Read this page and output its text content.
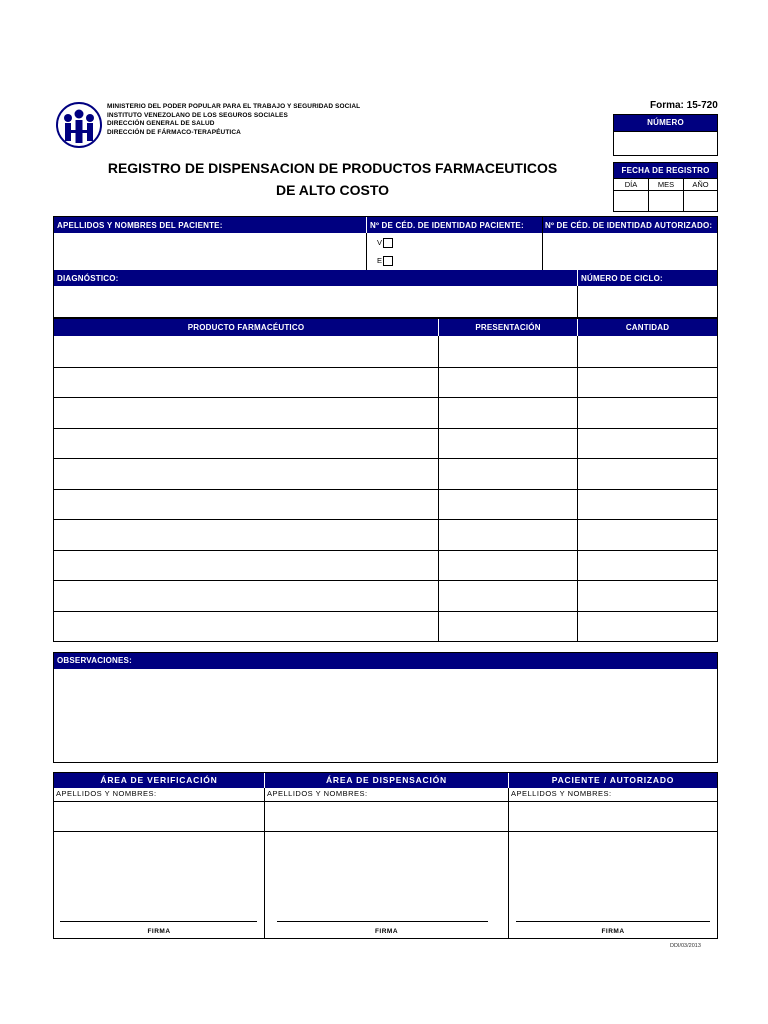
MINISTERIO DEL PODER POPULAR PARA EL TRABAJO Y SEGURIDAD SOCIAL
INSTITUTO VENEZOLANO DE LOS SEGUROS SOCIALES
DIRECCIÓN GENERAL DE SALUD
DIRECCIÓN DE FÁRMACO-TERAPÉUTICA
REGISTRO DE DISPENSACION DE PRODUCTOS FARMACEUTICOS
DE ALTO COSTO
Forma: 15-720
NÚMERO
FECHA DE REGISTRO
DÍA	MES	AÑO
APELLIDOS Y NOMBRES DEL PACIENTE:	Nº DE CÉD. DE IDENTIDAD PACIENTE:	Nº DE CÉD. DE IDENTIDAD AUTORIZADO:
V
E
DIAGNÓSTICO:	NÚMERO DE CICLO:
PRODUCTO FARMACÉUTICO	PRESENTACIÓN	CANTIDAD
OBSERVACIONES:
ÁREA DE VERIFICACIÓN	ÁREA DE DISPENSACIÓN	PACIENTE / AUTORIZADO
APELLIDOS Y NOMBRES:	APELLIDOS Y NOMBRES:	APELLIDOS Y NOMBRES:
FIRMA	FIRMA	FIRMA
DDI/03/2013
